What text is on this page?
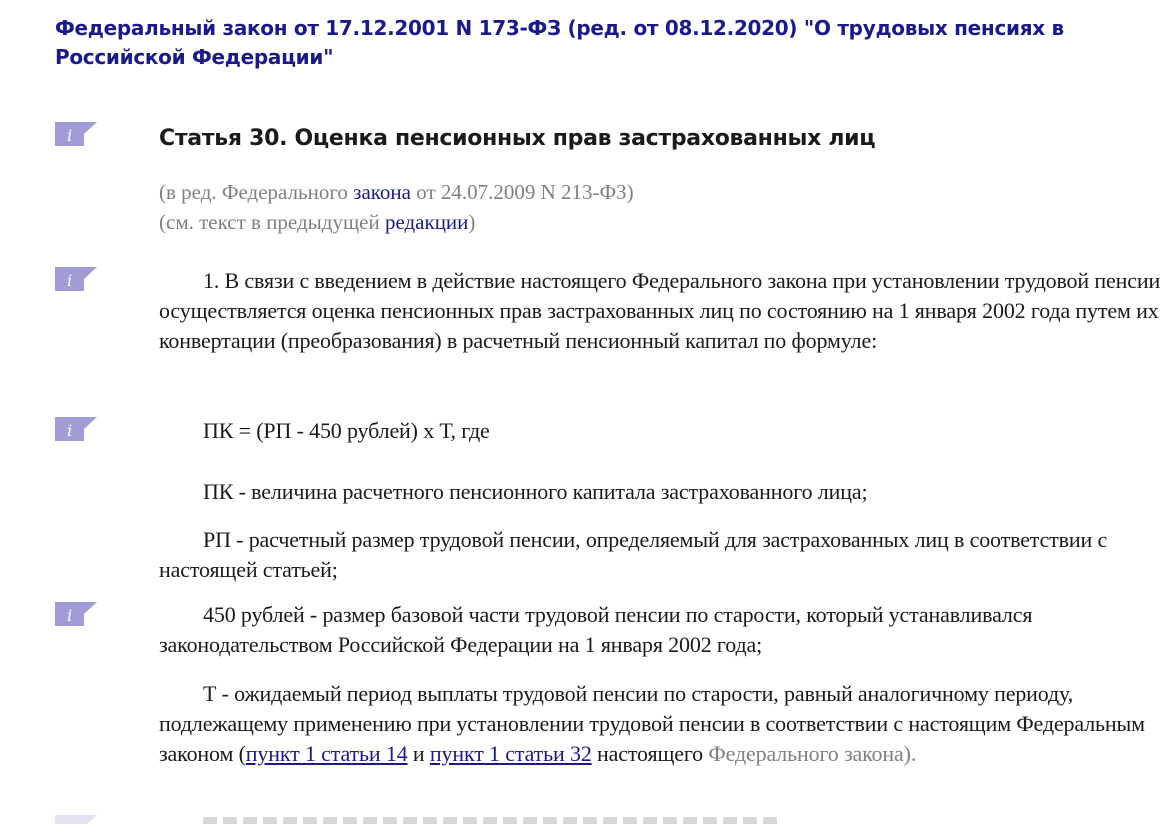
Федеральный закон от 17.12.2001 N 173-ФЗ (ред. от 08.12.2020) "О трудовых пенсиях в Российской Федерации"
i
i
i
i
Статья 30. Оценка пенсионных прав застрахованных лиц
(в ред. Федерального закона от 24.07.2009 N 213-ФЗ)
(см. текст в предыдущей редакции)

1. В связи с введением в действие настоящего Федерального закона при установлении трудовой пенсии осуществляется оценка пенсионных прав застрахованных лиц по состоянию на 1 января 2002 года путем их конвертации (преобразования) в расчетный пенсионный капитал по формуле:

ПК = (РП - 450 рублей) х Т, где

ПК - величина расчетного пенсионного капитала застрахованного лица;

РП - расчетный размер трудовой пенсии, определяемый для застрахованных лиц в соответствии с настоящей статьей;

450 рублей - размер базовой части трудовой пенсии по старости, который устанавливался законодательством Российской Федерации на 1 января 2002 года;

Т - ожидаемый период выплаты трудовой пенсии по старости, равный аналогичному периоду, подлежащему применению при установлении трудовой пенсии в соответствии с настоящим Федеральным законом (пункт 1 статьи 14 и пункт 1 статьи 32 настоящего Федерального закона).
